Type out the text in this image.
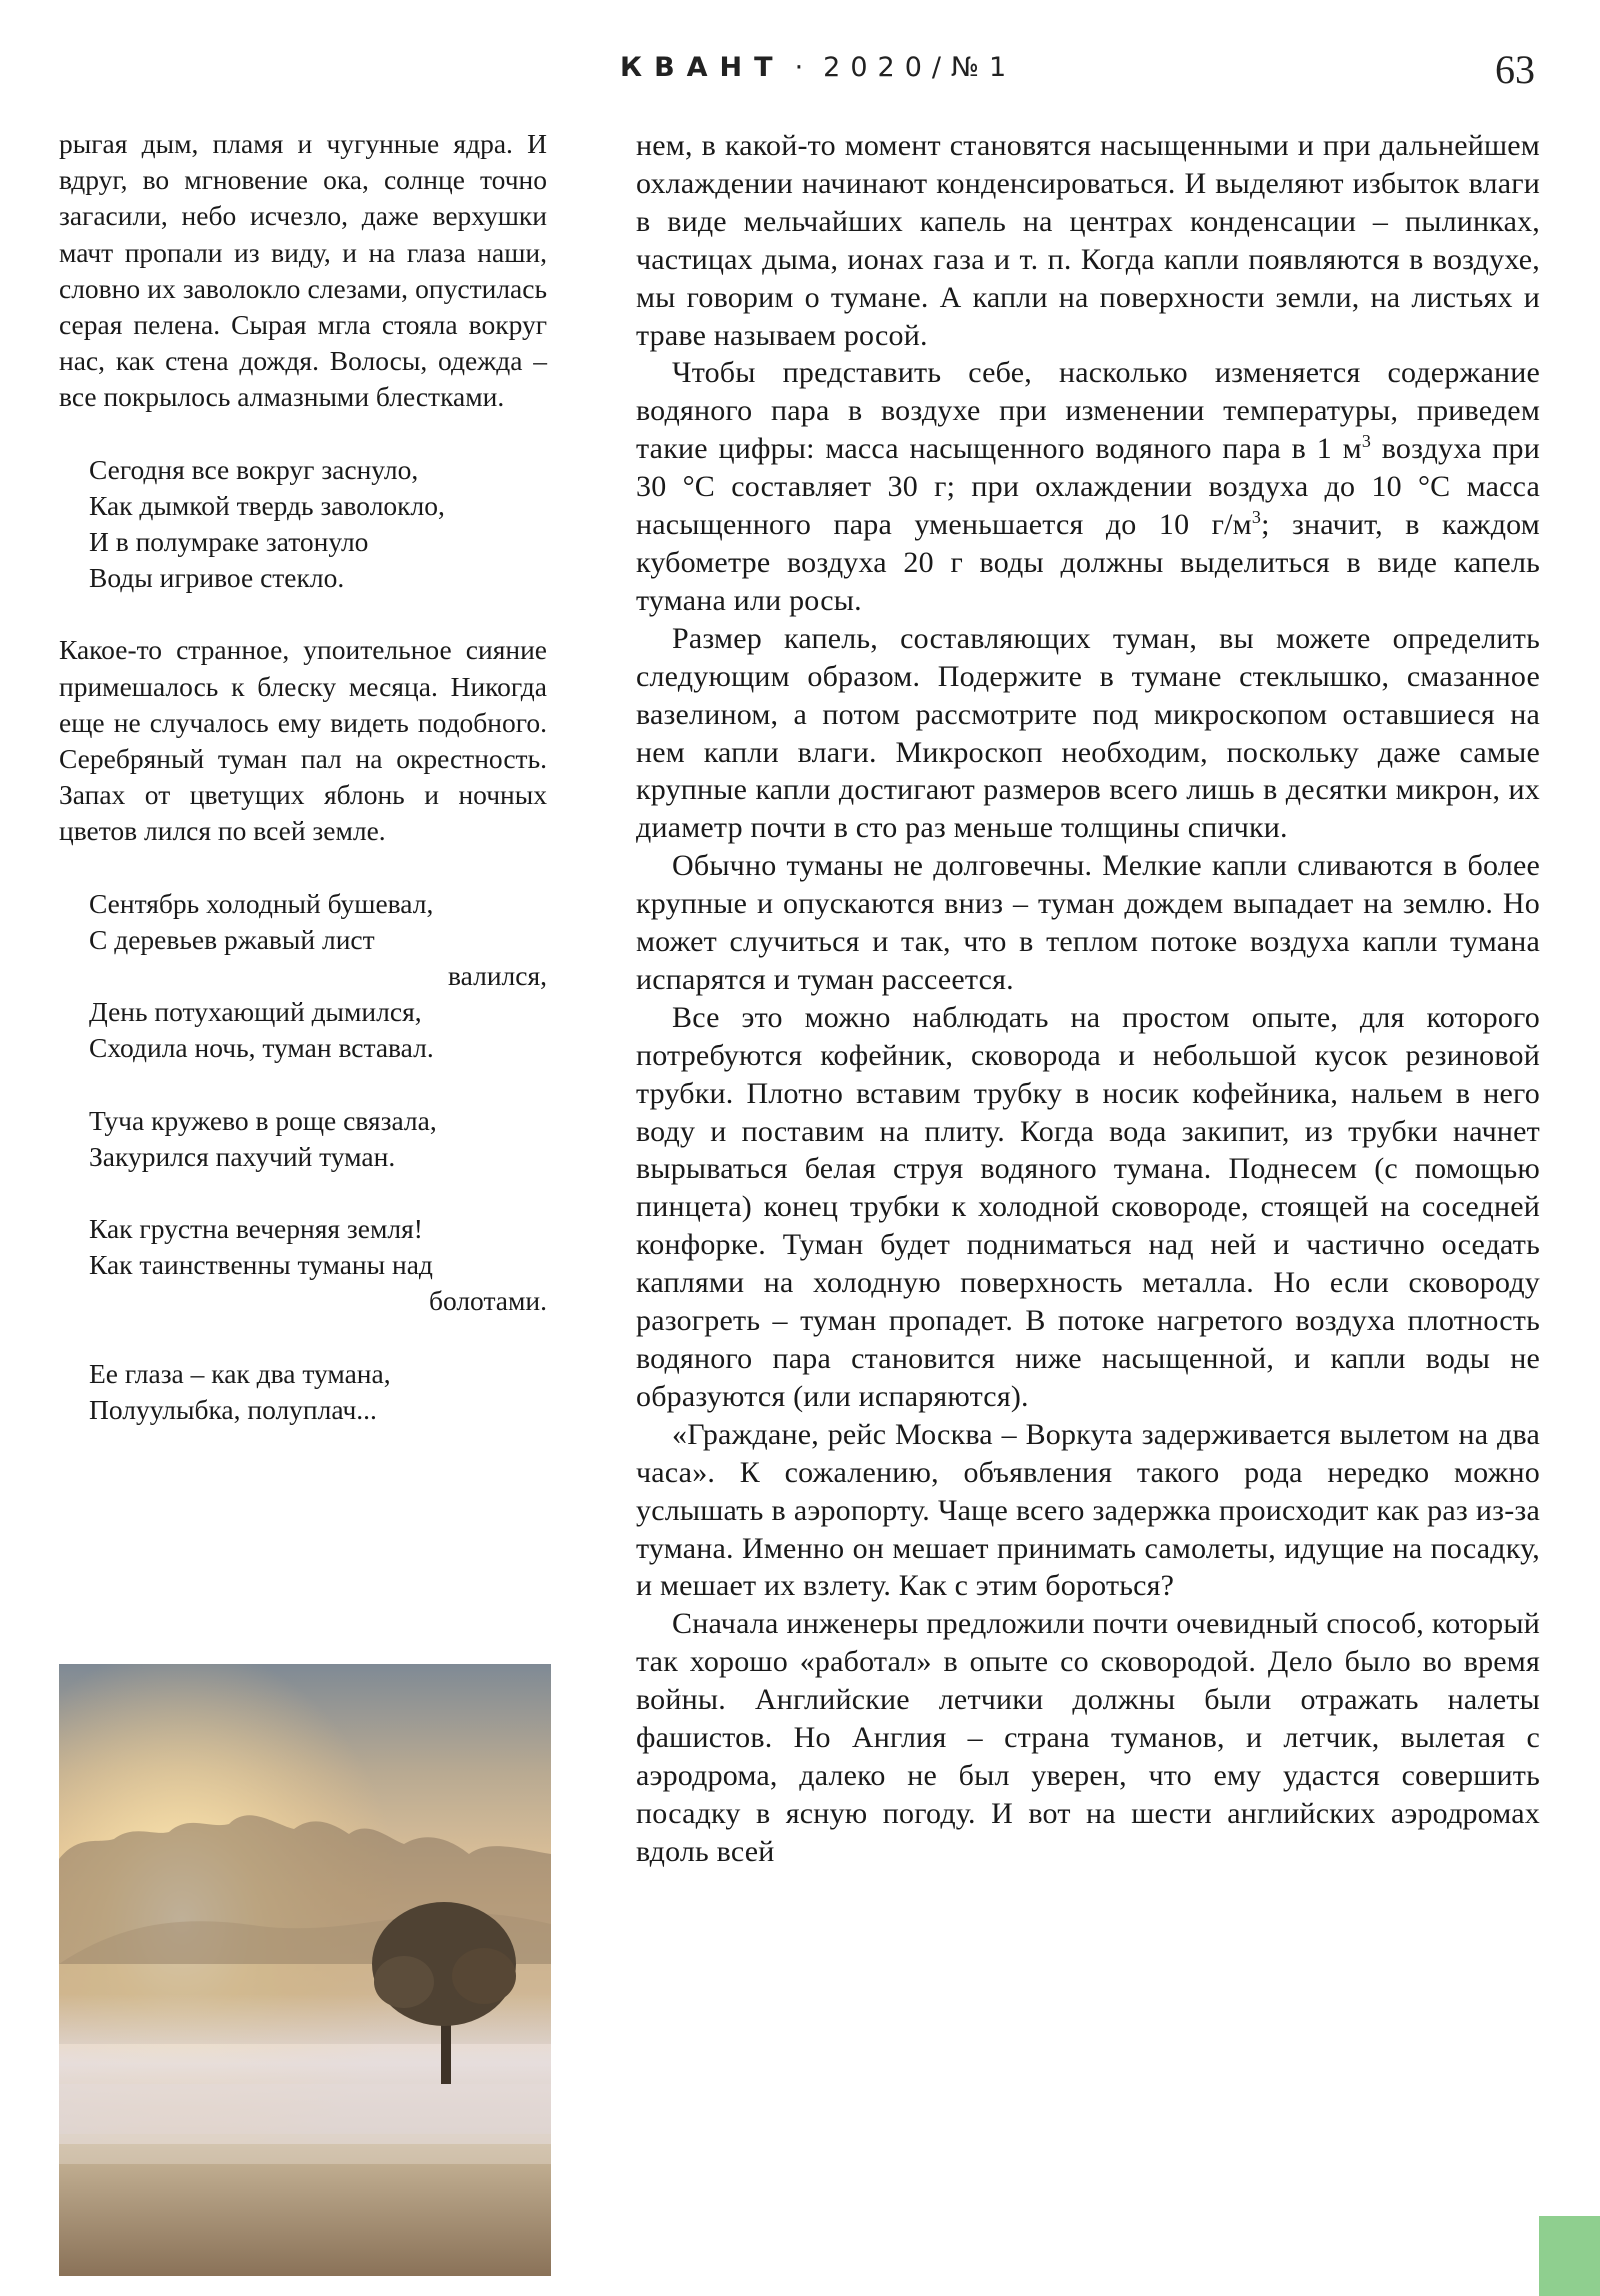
КВАНТ · 2020/№1	63

рыгая дым, пламя и чугунные ядра. И вдруг, во мгновение ока, солнце точно загасили, небо исчезло, даже верхушки мачт пропали из виду, и на глаза наши, словно их заволокло слезами, опустилась серая пелена. Сырая мгла стояла вокруг нас, как стена дождя. Волосы, одежда – все покрылось алмазными блестками.

Сегодня все вокруг заснуло,
Как дымкой твердь заволокло,
И в полумраке затонуло
Воды игривое стекло.

Какое-то странное, упоительное сияние примешалось к блеску месяца. Никогда еще не случалось ему видеть подобного. Серебряный туман пал на окрестность. Запах от цветущих яблонь и ночных цветов лился по всей земле.

Сентябрь холодный бушевал,
С деревьев ржавый лист
валился,
День потухающий дымился,
Сходила ночь, туман вставал.
Туча кружево в роще связала,
Закурился пахучий туман.
Как грустна вечерняя земля!
Как таинственны туманы над
болотами.
Ее глаза – как два тумана,
Полуулыбка, полуплач...

нем, в какой-то момент становятся насыщенными и при дальнейшем охлаждении начинают конденсироваться. И выделяют избыток влаги в виде мельчайших капель на центрах конденсации – пылинках, частицах дыма, ионах газа и т. п. Когда капли появляются в воздухе, мы говорим о тумане. А капли на поверхности земли, на листьях и траве называем росой.

Чтобы представить себе, насколько изменяется содержание водяного пара в воздухе при изменении температуры, приведем такие цифры: масса насыщенного водяного пара в 1 $м^3$ воздуха при 30 °С составляет 30 г; при охлаждении воздуха до 10 °С масса насыщенного пара уменьшается до 10 $г/м^3$; значит, в каждом кубометре воздуха 20 г воды должны выделиться в виде капель тумана или росы.

Размер капель, составляющих туман, вы можете определить следующим образом. Подержите в тумане стеклышко, смазанное вазелином, а потом рассмотрите под микроскопом оставшиеся на нем капли влаги. Микроскоп необходим, поскольку даже самые крупные капли достигают размеров всего лишь в десятки микрон, их диаметр почти в сто раз меньше толщины спички.

Обычно туманы не долговечны. Мелкие капли сливаются в более крупные и опускаются вниз – туман дождем выпадает на землю. Но может случиться и так, что в теплом потоке воздуха капли тумана испарятся и туман рассеется.

Все это можно наблюдать на простом опыте, для которого потребуются кофейник, сковорода и небольшой кусок резиновой трубки. Плотно вставим трубку в носик кофейника, нальем в него воду и поставим на плиту. Когда вода закипит, из трубки начнет вырываться белая струя водяного тумана. Поднесем (с помощью пинцета) конец трубки к холодной сковороде, стоящей на соседней конфорке. Туман будет подниматься над ней и частично оседать каплями на холодную поверхность металла. Но если сковороду разогреть – туман пропадет. В потоке нагретого воздуха плотность водяного пара становится ниже насыщенной, и капли воды не образуются (или испаряются).

«Граждане, рейс Москва – Воркута задерживается вылетом на два часа». К сожалению, объявления такого рода нередко можно услышать в аэропорту. Чаще всего задержка происходит как раз из-за тумана. Именно он мешает принимать самолеты, идущие на посадку, и мешает их взлету. Как с этим бороться?

Сначала инженеры предложили почти очевидный способ, который так хорошо «работал» в опыте со сковородой. Дело было во время войны. Английские летчики должны были отражать налеты фашистов. Но Англия – страна туманов, и летчик, вылетая с аэродрома, далеко не был уверен, что ему удастся совершить посадку в ясную погоду. И вот на шести английских аэродромах вдоль всей
